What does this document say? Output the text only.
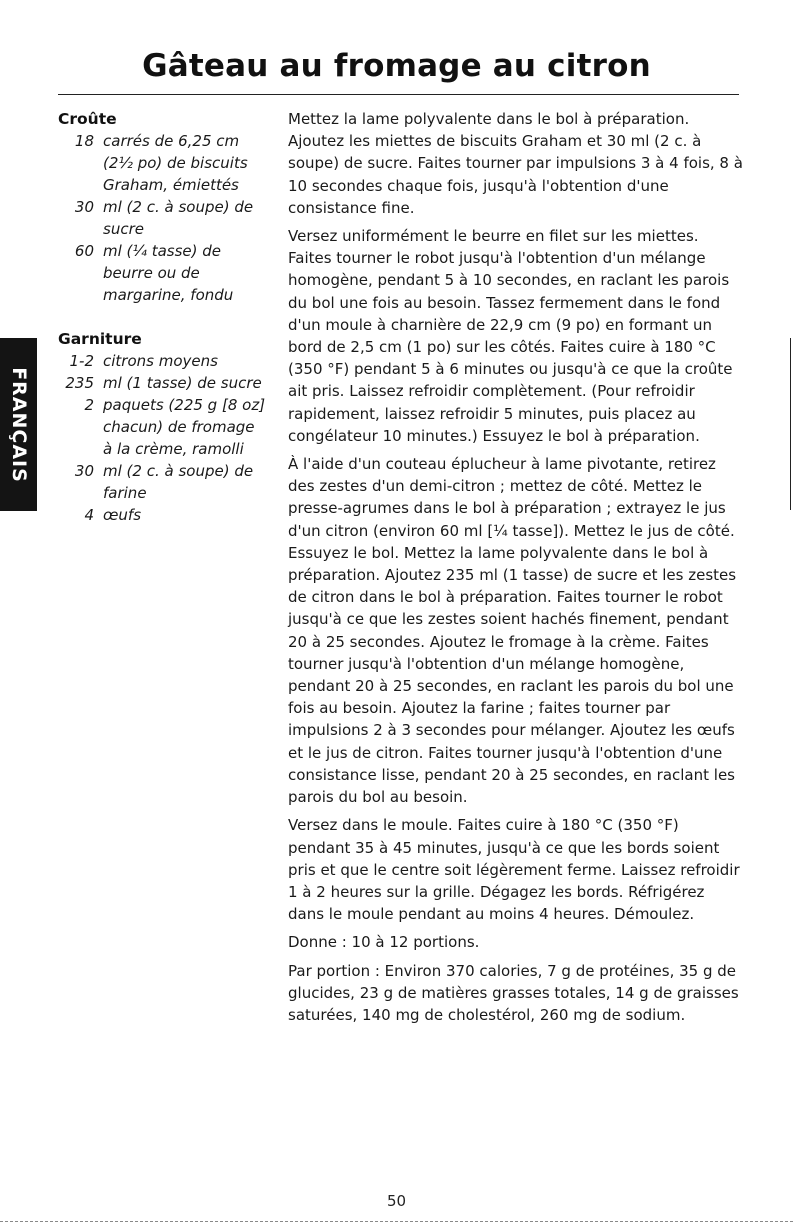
Gâteau au fromage au citron
FRANÇAIS
Croûte
18 carrés de 6,25 cm (2½ po) de biscuits Graham, émiettés
30 ml (2 c. à soupe) de sucre
60 ml (¼ tasse) de beurre ou de margarine, fondu
Garniture
1-2 citrons moyens
235 ml (1 tasse) de sucre
2 paquets (225 g [8 oz] chacun) de fromage à la crème, ramolli
30 ml (2 c. à soupe) de farine
4 œufs

Mettez la lame polyvalente dans le bol à préparation. Ajoutez les miettes de biscuits Graham et 30 ml (2 c. à soupe) de sucre. Faites tourner par impulsions 3 à 4 fois, 8 à 10 secondes chaque fois, jusqu'à l'obtention d'une consistance fine.

Versez uniformément le beurre en filet sur les miettes. Faites tourner le robot jusqu'à l'obtention d'un mélange homogène, pendant 5 à 10 secondes, en raclant les parois du bol une fois au besoin. Tassez fermement dans le fond d'un moule à charnière de 22,9 cm (9 po) en formant un bord de 2,5 cm (1 po) sur les côtés. Faites cuire à 180 °C (350 °F) pendant 5 à 6 minutes ou jusqu'à ce que la croûte ait pris. Laissez refroidir complètement. (Pour refroidir rapidement, laissez refroidir 5 minutes, puis placez au congélateur 10 minutes.) Essuyez le bol à préparation.

À l'aide d'un couteau éplucheur à lame pivotante, retirez des zestes d'un demi-citron ; mettez de côté. Mettez le presse-agrumes dans le bol à préparation ; extrayez le jus d'un citron (environ 60 ml [¼ tasse]). Mettez le jus de côté. Essuyez le bol. Mettez la lame polyvalente dans le bol à préparation. Ajoutez 235 ml (1 tasse) de sucre et les zestes de citron dans le bol à préparation. Faites tourner le robot jusqu'à ce que les zestes soient hachés finement, pendant 20 à 25 secondes. Ajoutez le fromage à la crème. Faites tourner jusqu'à l'obtention d'un mélange homogène, pendant 20 à 25 secondes, en raclant les parois du bol une fois au besoin. Ajoutez la farine ; faites tourner par impulsions 2 à 3 secondes pour mélanger. Ajoutez les œufs et le jus de citron. Faites tourner jusqu'à l'obtention d'une consistance lisse, pendant 20 à 25 secondes, en raclant les parois du bol au besoin.

Versez dans le moule. Faites cuire à 180 °C (350 °F) pendant 35 à 45 minutes, jusqu'à ce que les bords soient pris et que le centre soit légèrement ferme. Laissez refroidir 1 à 2 heures sur la grille. Dégagez les bords. Réfrigérez dans le moule pendant au moins 4 heures. Démoulez.

Donne : 10 à 12 portions.

Par portion : Environ 370 calories, 7 g de protéines, 35 g de glucides, 23 g de matières grasses totales, 14 g de graisses saturées, 140 mg de cholestérol, 260 mg de sodium.

50
